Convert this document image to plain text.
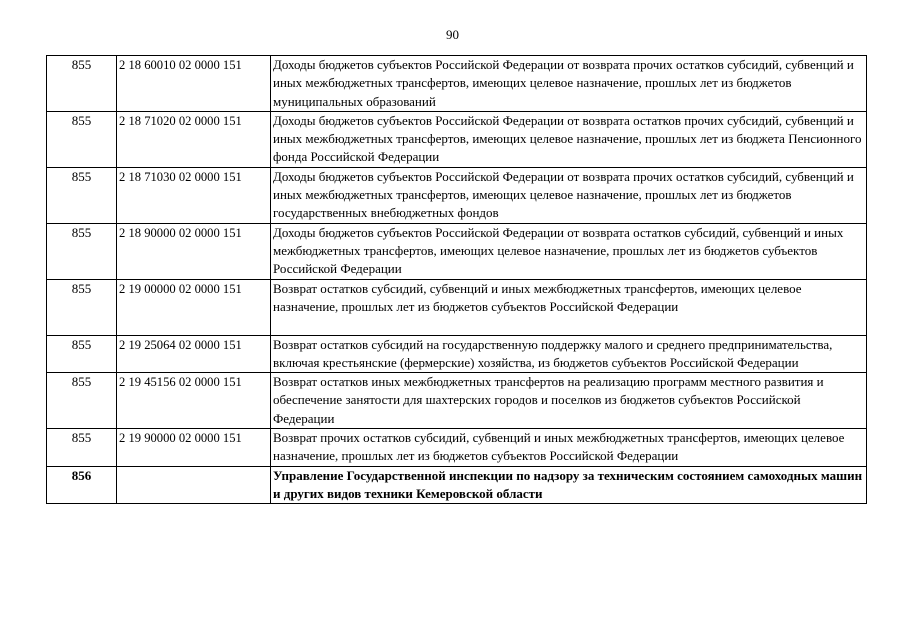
90
855	2 18 60010 02 0000 151	Доходы бюджетов субъектов Российской Федерации от возврата прочих остатков субсидий, субвенций и иных межбюджетных трансфертов, имеющих целевое назначение, прошлых лет из бюджетов муниципальных образований
855	2 18 71020 02 0000 151	Доходы бюджетов субъектов Российской Федерации от возврата остатков прочих субсидий, субвенций и иных межбюджетных трансфертов, имеющих целевое назначение, прошлых лет из бюджета Пенсионного фонда Российской Федерации
855	2 18 71030 02 0000 151	Доходы бюджетов субъектов Российской Федерации от возврата прочих остатков субсидий, субвенций и иных межбюджетных трансфертов, имеющих целевое назначение, прошлых лет из бюджетов государственных внебюджетных фондов
855	2 18 90000 02 0000 151	Доходы бюджетов субъектов Российской Федерации от возврата остатков субсидий, субвенций и иных межбюджетных трансфертов, имеющих целевое назначение, прошлых лет из бюджетов субъектов Российской Федерации
855	2 19 00000 02 0000 151	Возврат остатков субсидий, субвенций и иных межбюджетных трансфертов, имеющих целевое назначение, прошлых лет из бюджетов субъектов Российской Федерации
855	2 19 25064 02 0000 151	Возврат остатков субсидий на государственную поддержку малого и среднего предпринимательства, включая крестьянские (фермерские) хозяйства, из бюджетов субъектов Российской Федерации
855	2 19 45156 02 0000 151	Возврат остатков иных межбюджетных трансфертов на реализацию программ местного развития и обеспечение занятости для шахтерских городов и поселков из бюджетов субъектов Российской Федерации
855	2 19 90000 02 0000 151	Возврат прочих остатков субсидий, субвенций и иных межбюджетных трансфертов, имеющих целевое назначение, прошлых лет из бюджетов субъектов Российской Федерации
856		Управление Государственной инспекции по надзору за техническим состоянием самоходных машин и других видов техники Кемеровской области
